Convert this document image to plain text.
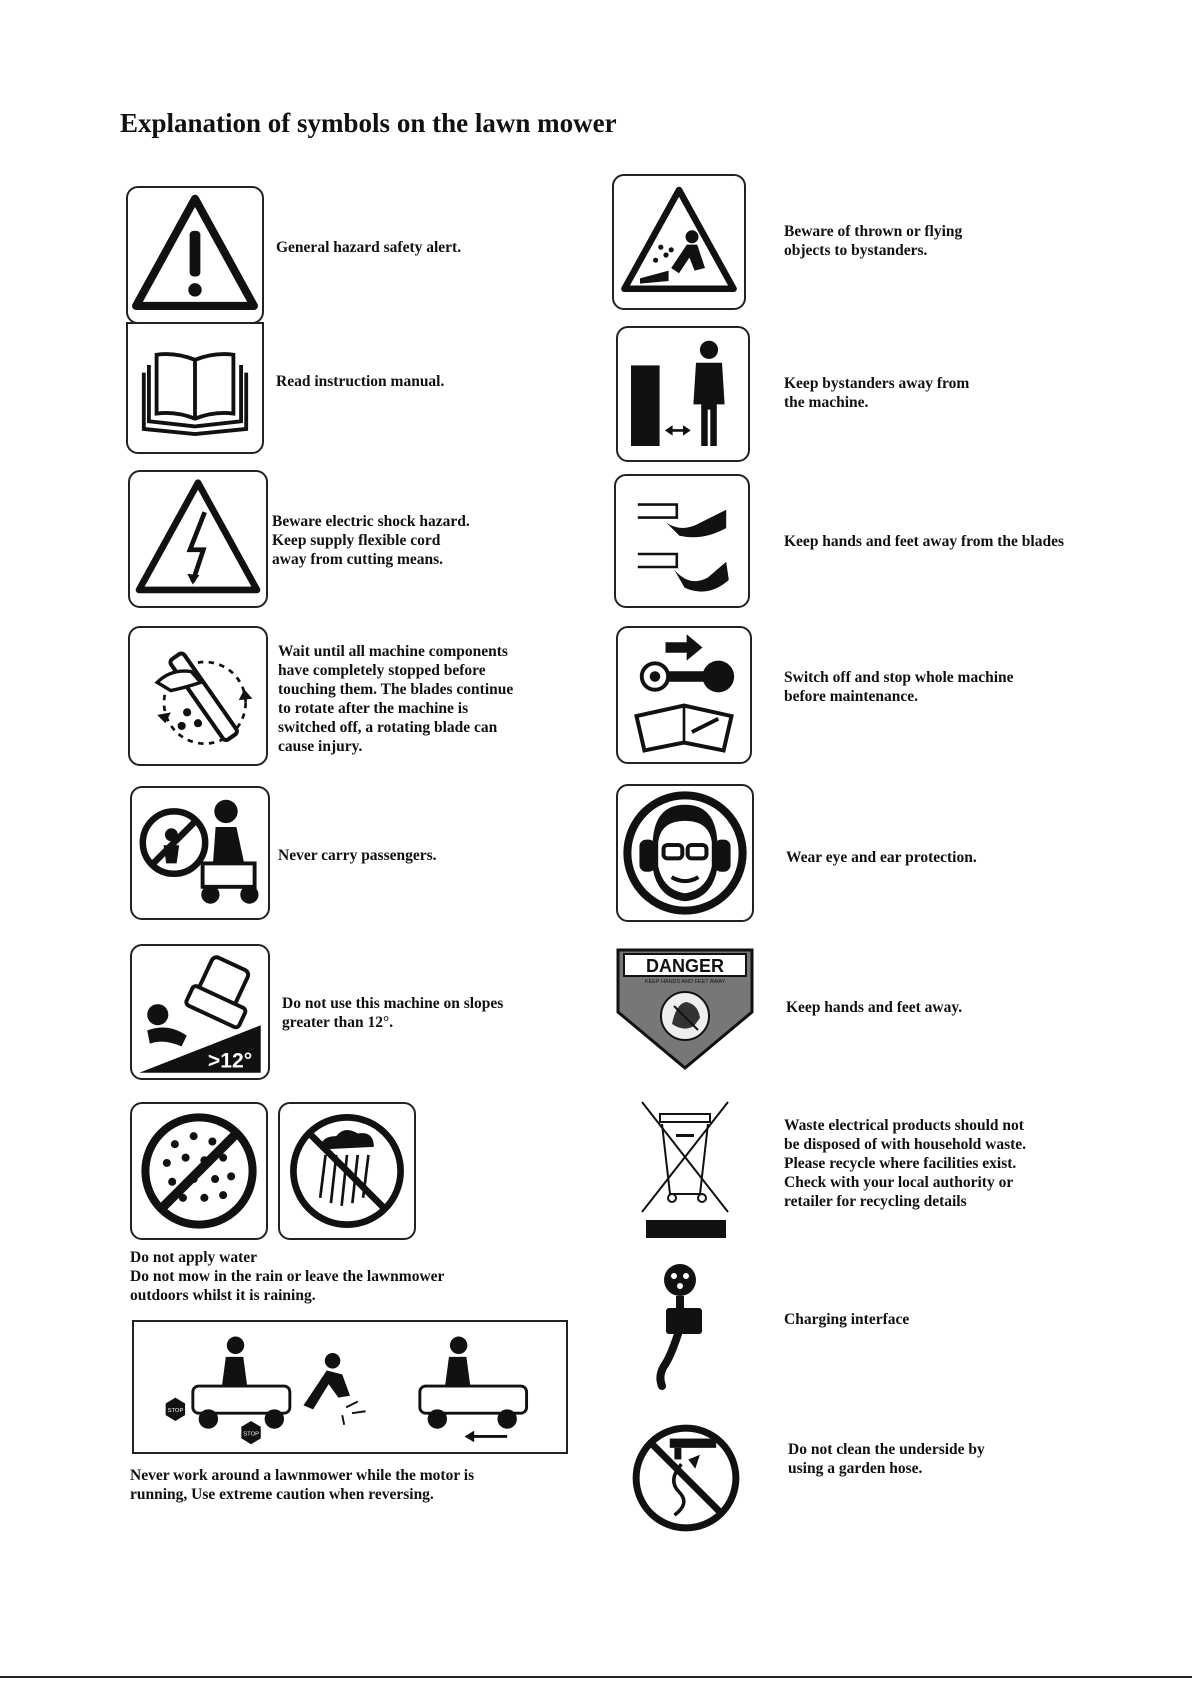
Explanation of symbols on the lawn mower
General hazard safety alert.
Read instruction manual.
Beware electric shock hazard.
Keep supply flexible cord
away from cutting means.
Wait until all machine components
have completely stopped before
touching them. The blades continue
to rotate after the machine is
switched off, a rotating blade can
cause injury.
Never carry passengers.
>12°
Do not use this machine on slopes
greater than 12°.
Do not apply water
Do not mow in the rain or leave the lawnmower
outdoors whilst it is raining.
STOP
STOP
Never work around a lawnmower while the motor is
running, Use extreme caution when reversing.
Beware of thrown or flying
objects to bystanders.
Keep bystanders away from
the machine.
Keep hands and feet away from the blades
Switch off and stop whole machine
before maintenance.
Wear eye and ear protection.
DANGER
KEEP HANDS AND FEET AWAY
Keep hands and feet away.
Waste electrical products should not
be disposed of with household waste.
Please recycle where facilities exist.
Check with your local authority or
retailer for recycling details
Charging interface
Do not clean the underside by
using a garden hose.
